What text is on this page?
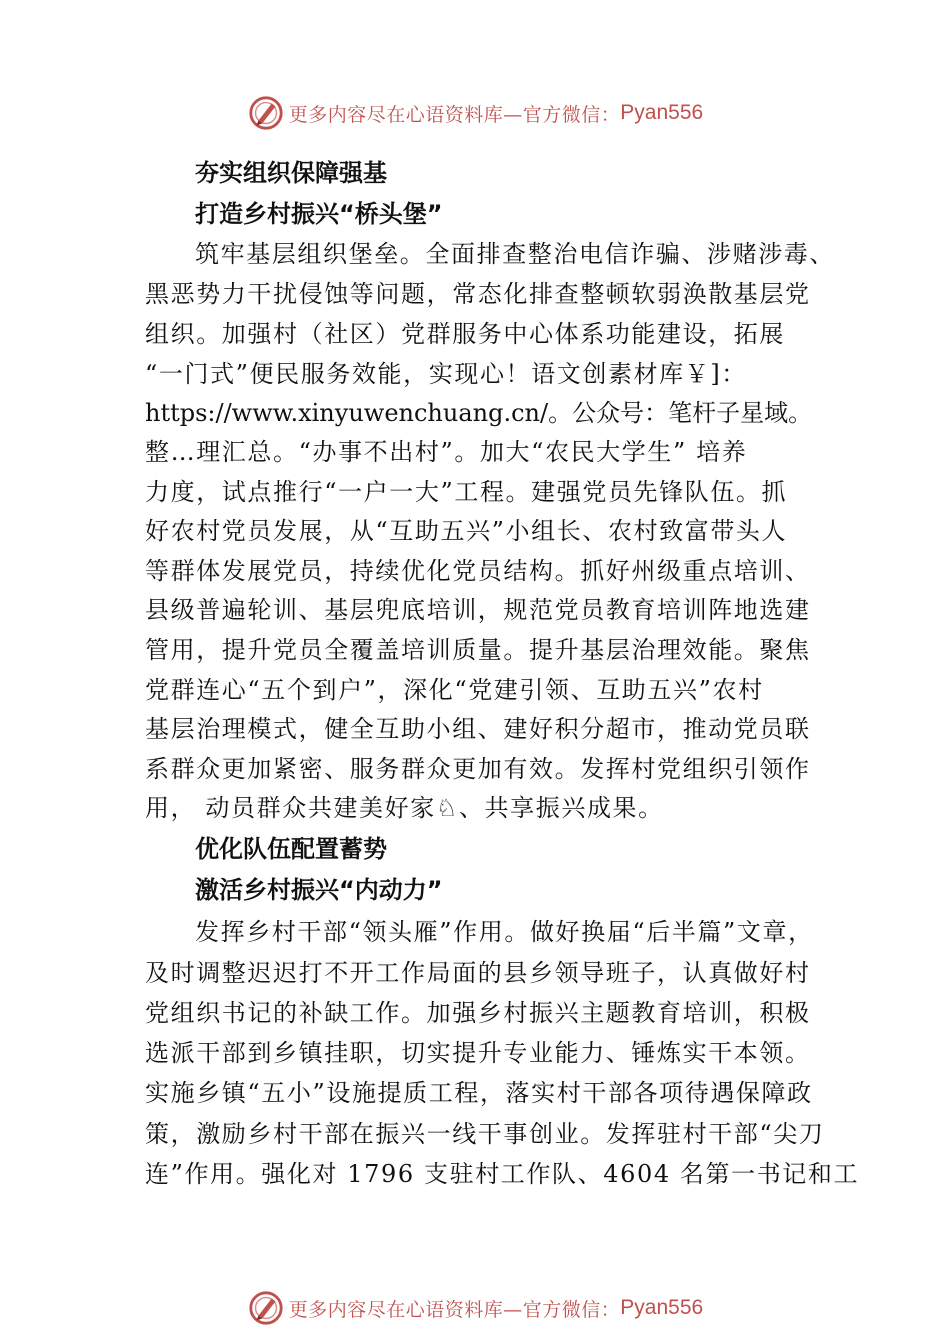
更多内容尽在心语资料库—官方微信： Pyan556
夯实组织保障强基
打造乡村振兴“桥头堡”
筑牢基层组织堡垒。全面排查整治电信诈骗、涉赌涉毒、
黑恶势力干扰侵蚀等问题，常态化排查整顿软弱涣散基层党
组织。加强村（社区）党群服务中心体系功能建设，拓展
“一门式”便民服务效能，实现心！语文创素材库￥]：
https://www.xinyuwenchuang.cn/。公众号：笔杆子星域。
整…理汇总。“办事不出村”。加大“农民大学生” 培养
力度，试点推行“一户一大”工程。建强党员先锋队伍。抓
好农村党员发展，从“互助五兴”小组长、农村致富带头人
等群体发展党员，持续优化党员结构。抓好州级重点培训、
县级普遍轮训、基层兜底培训，规范党员教育培训阵地选建
管用，提升党员全覆盖培训质量。提升基层治理效能。聚焦
党群连心“五个到户”，深化“党建引领、互助五兴”农村
基层治理模式，健全互助小组、建好积分超市，推动党员联
系群众更加紧密、服务群众更加有效。发挥村党组织引领作
用， 动员群众共建美好家♘、共享振兴成果。
优化队伍配置蓄势
激活乡村振兴“内动力”
发挥乡村干部“领头雁”作用。做好换届“后半篇”文章，
及时调整迟迟打不开工作局面的县乡领导班子，认真做好村
党组织书记的补缺工作。加强乡村振兴主题教育培训，积极
选派干部到乡镇挂职，切实提升专业能力、锤炼实干本领。
实施乡镇“五小”设施提质工程，落实村干部各项待遇保障政
策，激励乡村干部在振兴一线干事创业。发挥驻村干部“尖刀
连”作用。强化对 1796 支驻村工作队、4604 名第一书记和工
更多内容尽在心语资料库—官方微信： Pyan556
